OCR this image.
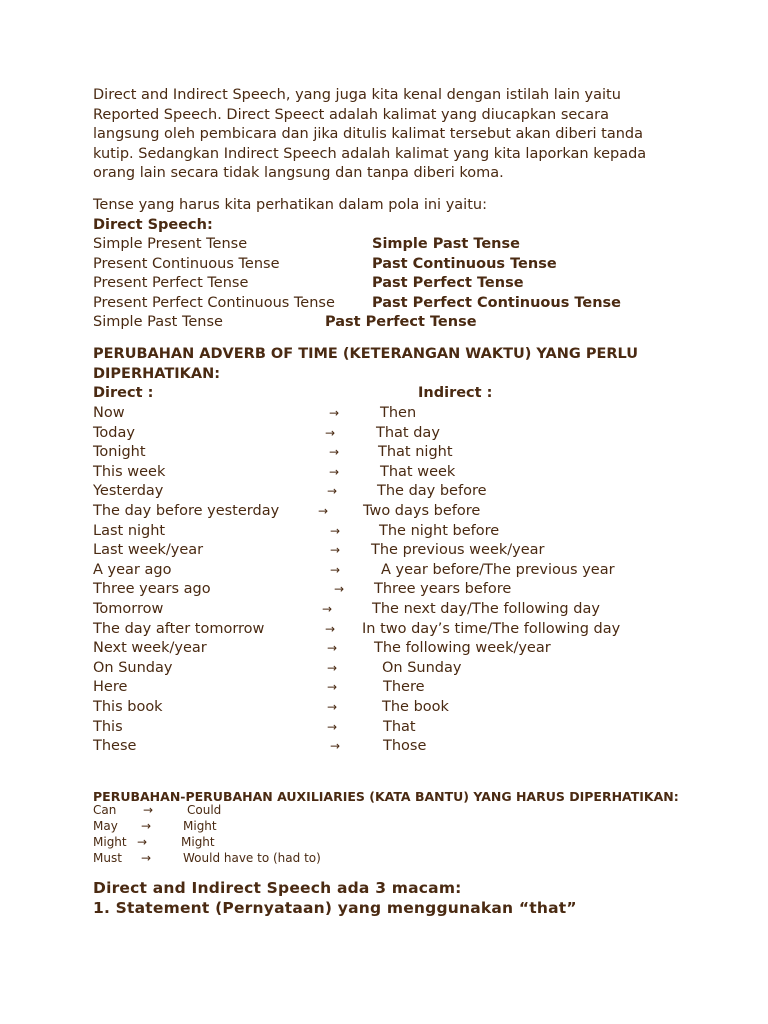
Direct and Indirect Speech, yang juga kita kenal dengan istilah lain yaitu
Reported Speech. Direct Speect adalah kalimat yang diucapkan secara
langsung oleh pembicara dan jika ditulis kalimat tersebut akan diberi tanda
kutip. Sedangkan Indirect Speech adalah kalimat yang kita laporkan kepada
orang lain secara tidak langsung dan tanpa diberi koma.
Tense yang harus kita perhatikan dalam pola ini yaitu:
Direct Speech:
Simple Present Tense	Simple Past Tense
Present Continuous Tense	Past Continuous Tense
Present Perfect Tense	Past Perfect Tense
Present Perfect Continuous Tense	Past Perfect Continuous Tense
Simple Past Tense	Past Perfect Tense
PERUBAHAN ADVERB OF TIME (KETERANGAN WAKTU) YANG PERLU
DIPERHATIKAN:
Direct :	Indirect :
Now	→	Then
Today	→	That day
Tonight	→	That night
This week	→	That week
Yesterday	→	The day before
The day before yesterday	→ Two days before
Last night	→	The night before
Last week/year	→ The previous week/year
A year ago	→	A year before/The previous year
Three years ago	→ Three years before
Tomorrow	→	The next day/The following day
The day after tomorrow	→ In two day’s time/The following day
Next week/year	→	The following week/year
On Sunday	→	On Sunday
Here	→	There
This book	→	The book
This	→	That
These	→	Those
PERUBAHAN-PERUBAHAN AUXILIARIES (KATA BANTU) YANG HARUS DIPERHATIKAN:
Can →	Could
May →	Might
Might →	Might
Must →	Would have to (had to)
Direct and Indirect Speech ada 3 macam:
1. Statement (Pernyataan) yang menggunakan “that”
